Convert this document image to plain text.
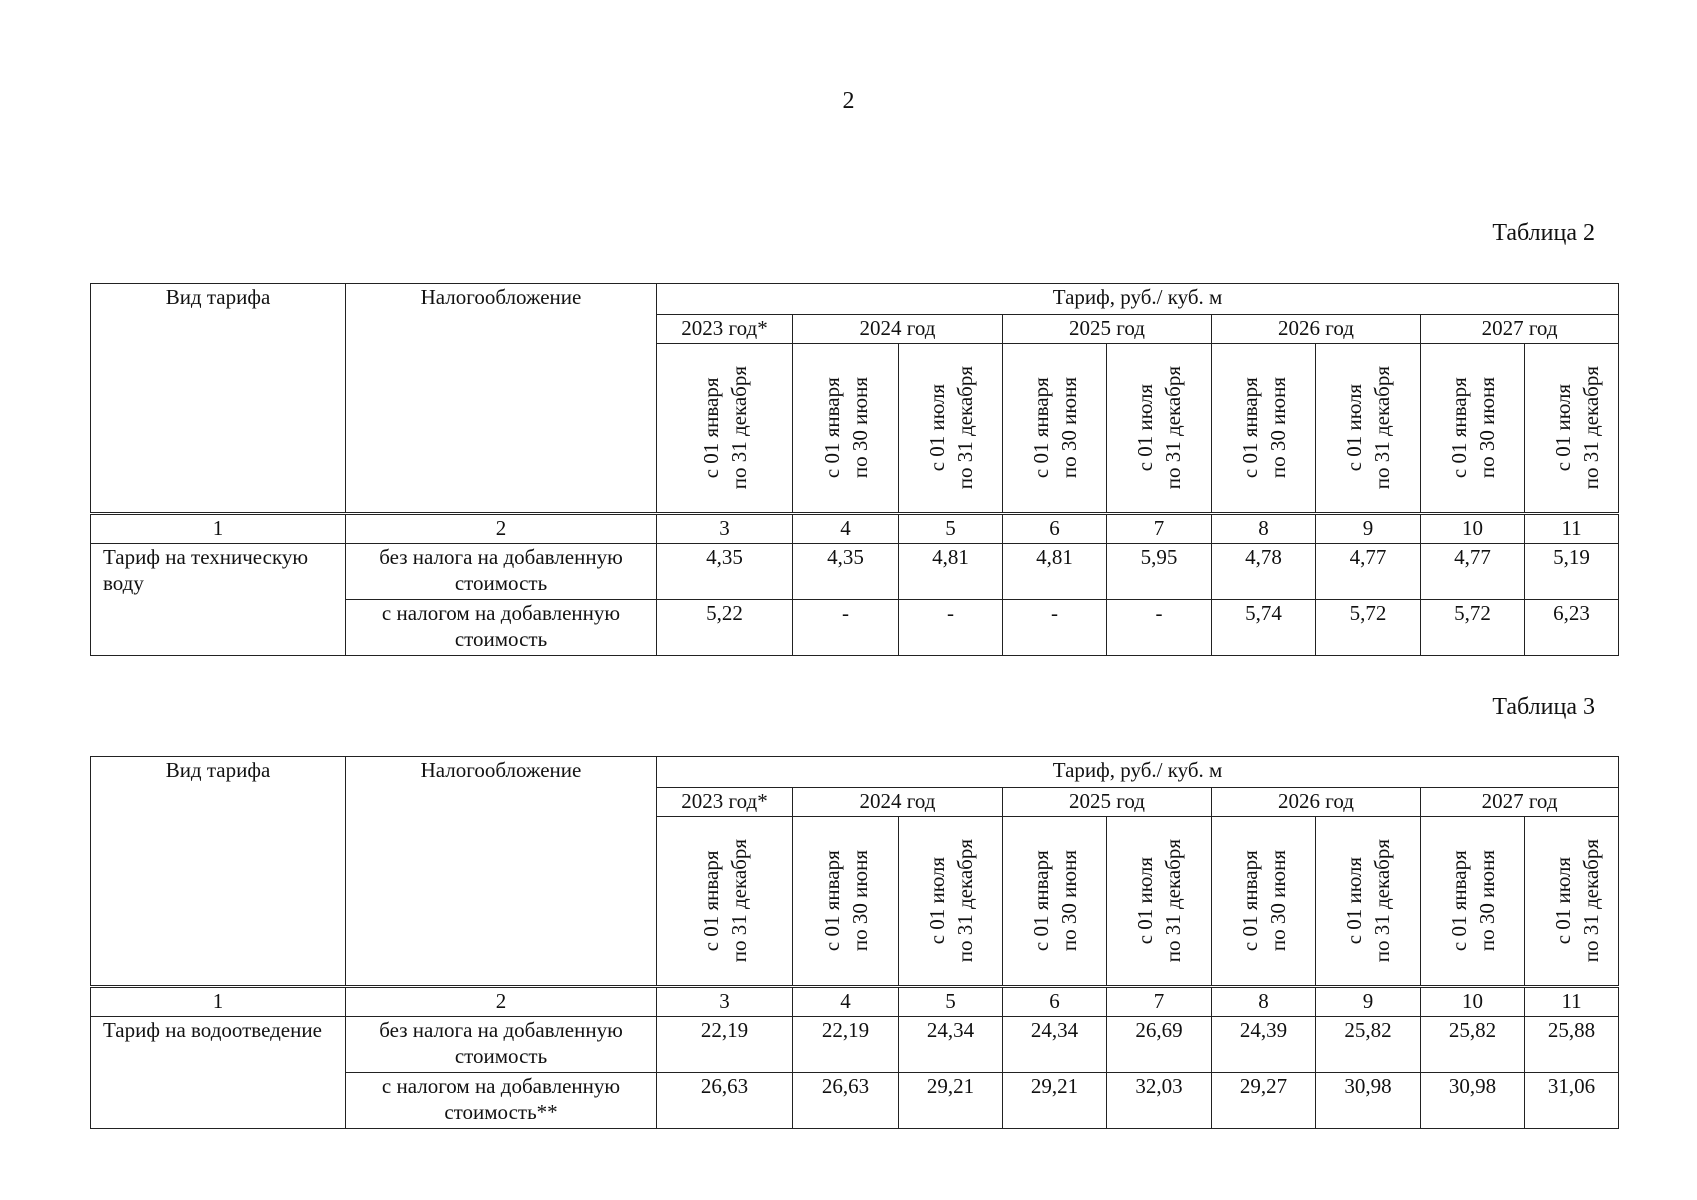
2
Таблица 2
Вид тарифа	Налогообложение	Тариф, руб./ куб. м								
		2023 год*	2024 год		2025 год		2026 год		2027 год	

		с 01 января по 31 декабря	с 01 января по 30 июня	с 01 июля по 31 декабря	с 01 января по 30 июня	с 01 июля по 31 декабря	с 01 января по 30 июня	с 01 июля по 31 декабря	с 01 января по 30 июня	с 01 июля по 31 декабря

1	2	3	4	5	6	7	8	9	10	11
Тариф на техническую воду	без налога на добавленную стоимость	4,35	4,35	4,81	4,81	5,95	4,78	4,77	4,77	5,19
	с налогом на добавленную стоимость	5,22	-	-	-	-	5,74	5,72	5,72	6,23
Таблица 3
Вид тарифа	Налогообложение	Тариф, руб./ куб. м								
		2023 год*	2024 год		2025 год		2026 год		2027 год	

		с 01 января по 31 декабря	с 01 января по 30 июня	с 01 июля по 31 декабря	с 01 января по 30 июня	с 01 июля по 31 декабря	с 01 января по 30 июня	с 01 июля по 31 декабря	с 01 января по 30 июня	с 01 июля по 31 декабря

1	2	3	4	5	6	7	8	9	10	11
Тариф на водоотведение	без налога на добавленную стоимость	22,19	22,19	24,34	24,34	26,69	24,39	25,82	25,82	25,88
	с налогом на добавленную стоимость**	26,63	26,63	29,21	29,21	32,03	29,27	30,98	30,98	31,06
